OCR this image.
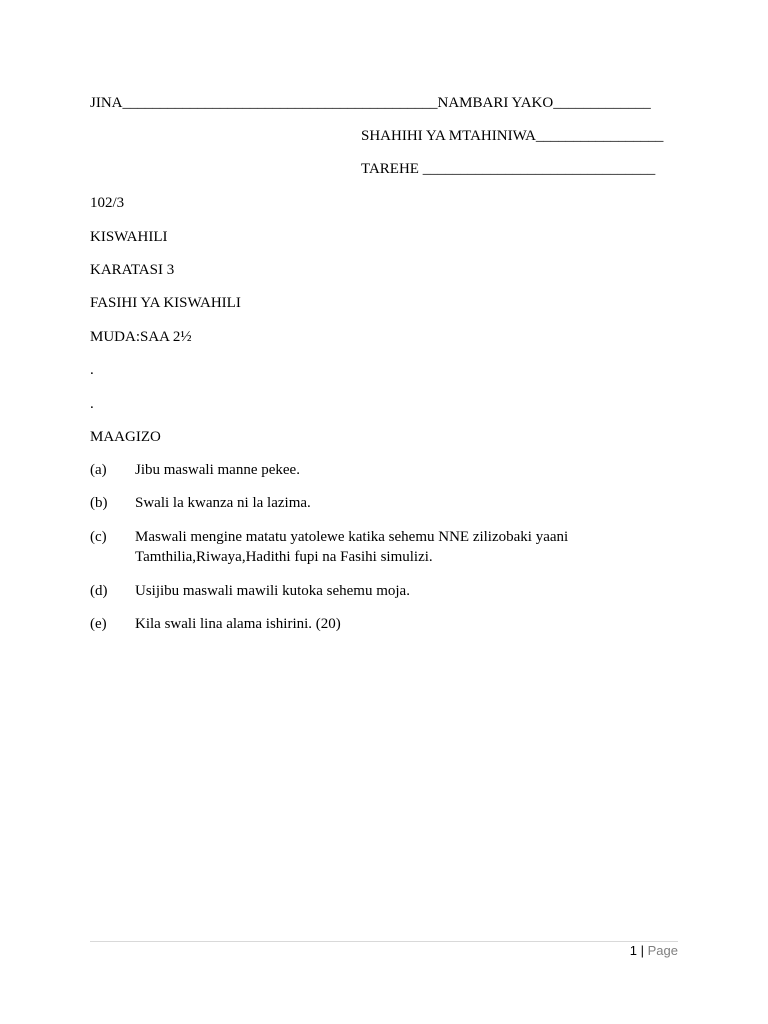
JINA__________________________________________NAMBARI YAKO_____________
SHAHIHI YA MTAHINIWA_________________
TAREHE _______________________________
102/3
KISWAHILI
KARATASI 3
FASIHI YA KISWAHILI
MUDA:SAA 2½
.
.
MAAGIZO
(a) Jibu maswali manne pekee.
(b) Swali la kwanza ni la lazima.
(c) Maswali mengine matatu yatolewe katika sehemu NNE zilizobaki yaani Tamthilia,Riwaya,Hadithi fupi na Fasihi simulizi.
(d) Usijibu maswali mawili kutoka sehemu moja.
(e) Kila swali lina alama ishirini. (20)
1 | Page
